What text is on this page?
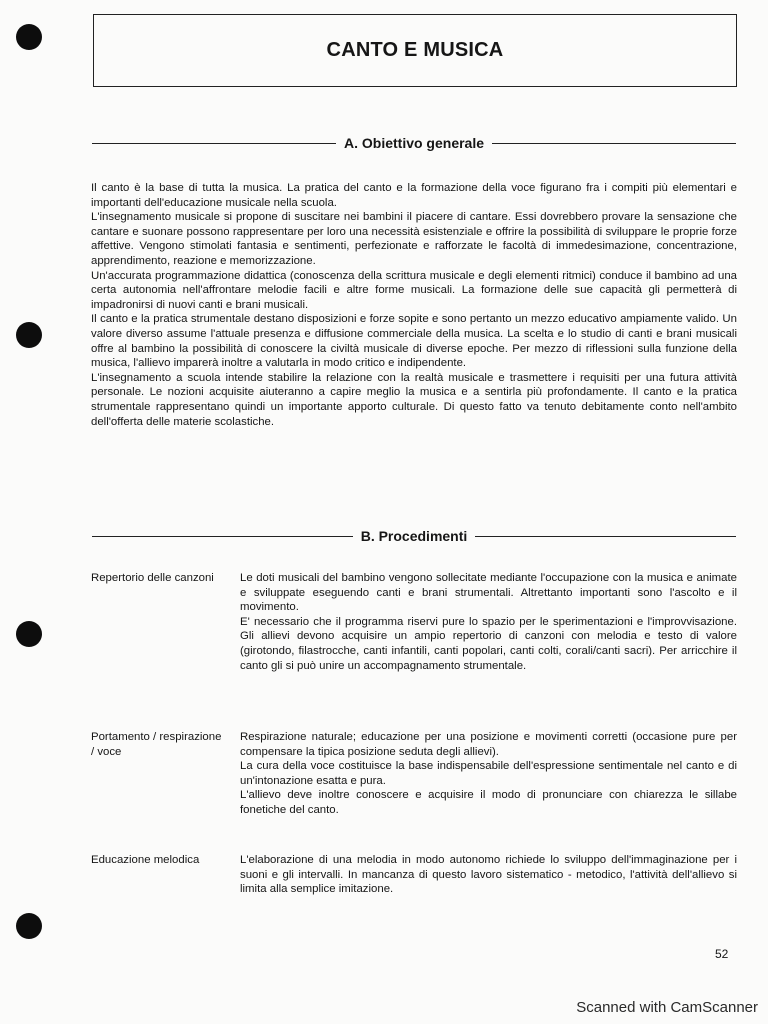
CANTO E MUSICA
A. Obiettivo generale

Il canto è la base di tutta la musica. La pratica del canto e la formazione della voce figurano fra i compiti più elementari e importanti dell'educazione musicale nella scuola.

L'insegnamento musicale si propone di suscitare nei bambini il piacere di cantare. Essi dovrebbero provare la sensazione che cantare e suonare possono rappresentare per loro una necessità esistenziale e offrire la possibilità di sviluppare le proprie forze affettive. Vengono stimolati fantasia e sentimenti, perfezionate e rafforzate le facoltà di immedesimazione, concentrazione, apprendimento, reazione e memorizzazione.

Un'accurata programmazione didattica (conoscenza della scrittura musicale e degli elementi ritmici) conduce il bambino ad una certa autonomia nell'affrontare melodie facili e altre forme musicali. La formazione delle sue capacità gli permetterà di impadronirsi di nuovi canti e brani musicali.

Il canto e la pratica strumentale destano disposizioni e forze sopite e sono pertanto un mezzo educativo ampiamente valido. Un valore diverso assume l'attuale presenza e diffusione commerciale della musica. La scelta e lo studio di canti e brani musicali offre al bambino la possibilità di conoscere la civiltà musicale di diverse epoche. Per mezzo di riflessioni sulla funzione della musica, l'allievo imparerà inoltre a valutarla in modo critico e indipendente.

L'insegnamento a scuola intende stabilire la relazione con la realtà musicale e trasmettere i requisiti per una futura attività personale. Le nozioni acquisite aiuteranno a capire meglio la musica e a sentirla più profondamente. Il canto e la pratica strumentale rappresentano quindi un importante apporto culturale. Di questo fatto va tenuto debitamente conto nell'ambito dell'offerta delle materie scolastiche.

B. Procedimenti
Repertorio delle canzoni	Le doti musicali del bambino vengono sollecitate mediante l'occupazione con la musica e animate e sviluppate eseguendo canti e brani strumentali. Altrettanto importanti sono l'ascolto e il movimento.

E' necessario che il programma riservi pure lo spazio per le sperimentazioni e l'improvvisazione. Gli allievi devono acquisire un ampio repertorio di canzoni con melodia e testo di valore (girotondo, filastrocche, canti infantili, canti popolari, canti colti, corali/canti sacri). Per arricchire il canto gli si può unire un accompagnamento strumentale.

Portamento / respirazione / voce

Respirazione naturale; educazione per una posizione e movimenti corretti (occasione pure per compensare la tipica posizione seduta degli allievi).

La cura della voce costituisce la base indispensabile dell'espressione sentimentale nel canto e di un'intonazione esatta e pura.

L'allievo deve inoltre conoscere e acquisire il modo di pronunciare con chiarezza le sillabe fonetiche del canto.

Educazione melodica	L'elaborazione di una melodia in modo autonomo richiede lo sviluppo dell'immaginazione per i suoni e gli intervalli. In mancanza di questo lavoro sistematico - metodico, l'attività dell'allievo si limita alla semplice imitazione.

52
Scanned with CamScanner
